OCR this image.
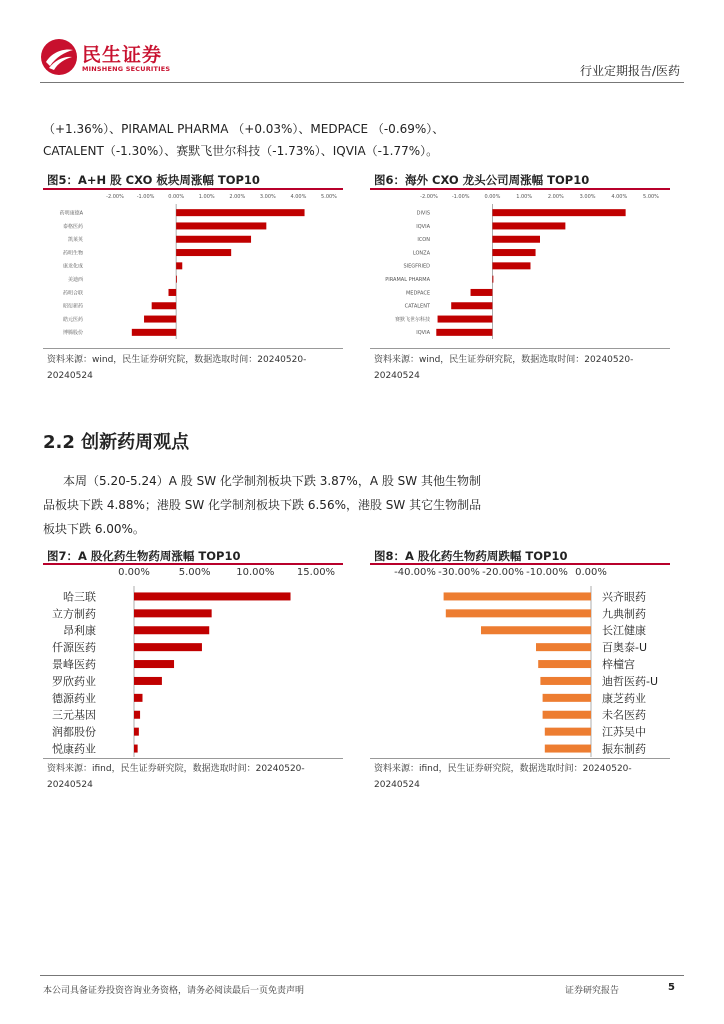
民生证券
MINSHENG SECURITIES	行业定期报告/医药
（+1.36%）、PIRAMAL PHARMA （+0.03%）、MEDPACE （-0.69%）、
CATALENT（-1.30%）、赛默飞世尔科技（-1.73%）、IQVIA（-1.77%）。
图5：A+H 股 CXO 板块周涨幅 TOP10
-2.00%	-1.00%	0.00%	1.00%	2.00%	3.00%	4.00%	5.00%
药明康德A
泰格医药
凯莱英
药明生物
康龙化成
美迪西
药明合联
昭衍新药
皓元医药
博腾股份
资料来源：wind，民生证券研究院，数据选取时间：20240520-
20240524
图6：海外 CXO 龙头公司周涨幅 TOP10
-2.00%	-1.00%	0.00%	1.00%	2.00%	3.00%	4.00%	5.00%
DIVIS
IQVIA
ICON
LONZA
SIEGFRIED
PIRAMAL PHARMA
MEDPACE
CATALENT
赛默飞世尔科技
IQVIA
资料来源：wind，民生证券研究院，数据选取时间：20240520-
20240524
2.2 创新药周观点
本周（5.20-5.24）A 股 SW 化学制剂板块下跌 3.87%，A 股 SW 其他生物制
品板块下跌 4.88%；港股 SW 化学制剂板块下跌 6.56%，港股 SW 其它生物制品
板块下跌 6.00%。
图7：A 股化药生物药周涨幅 TOP10
0.00%	5.00%	10.00% 15.00%
哈三联
立方制药
昂利康
仟源医药
景峰医药
罗欣药业
德源药业
三元基因
润都股份
悦康药业
资料来源：ifind，民生证券研究院，数据选取时间：20240520-
20240524
图8：A 股化药生物药周跌幅 TOP10
-40.00% -30.00% -20.00% -10.00% 0.00%
兴齐眼药
九典制药
长江健康
百奥泰-U
梓橦宫
迪哲医药-U
康芝药业
未名医药
江苏吴中
振东制药
资料来源：ifind，民生证券研究院，数据选取时间：20240520-
20240524
本公司具备证券投资咨询业务资格，请务必阅读最后一页免责声明	证券研究报告	5
